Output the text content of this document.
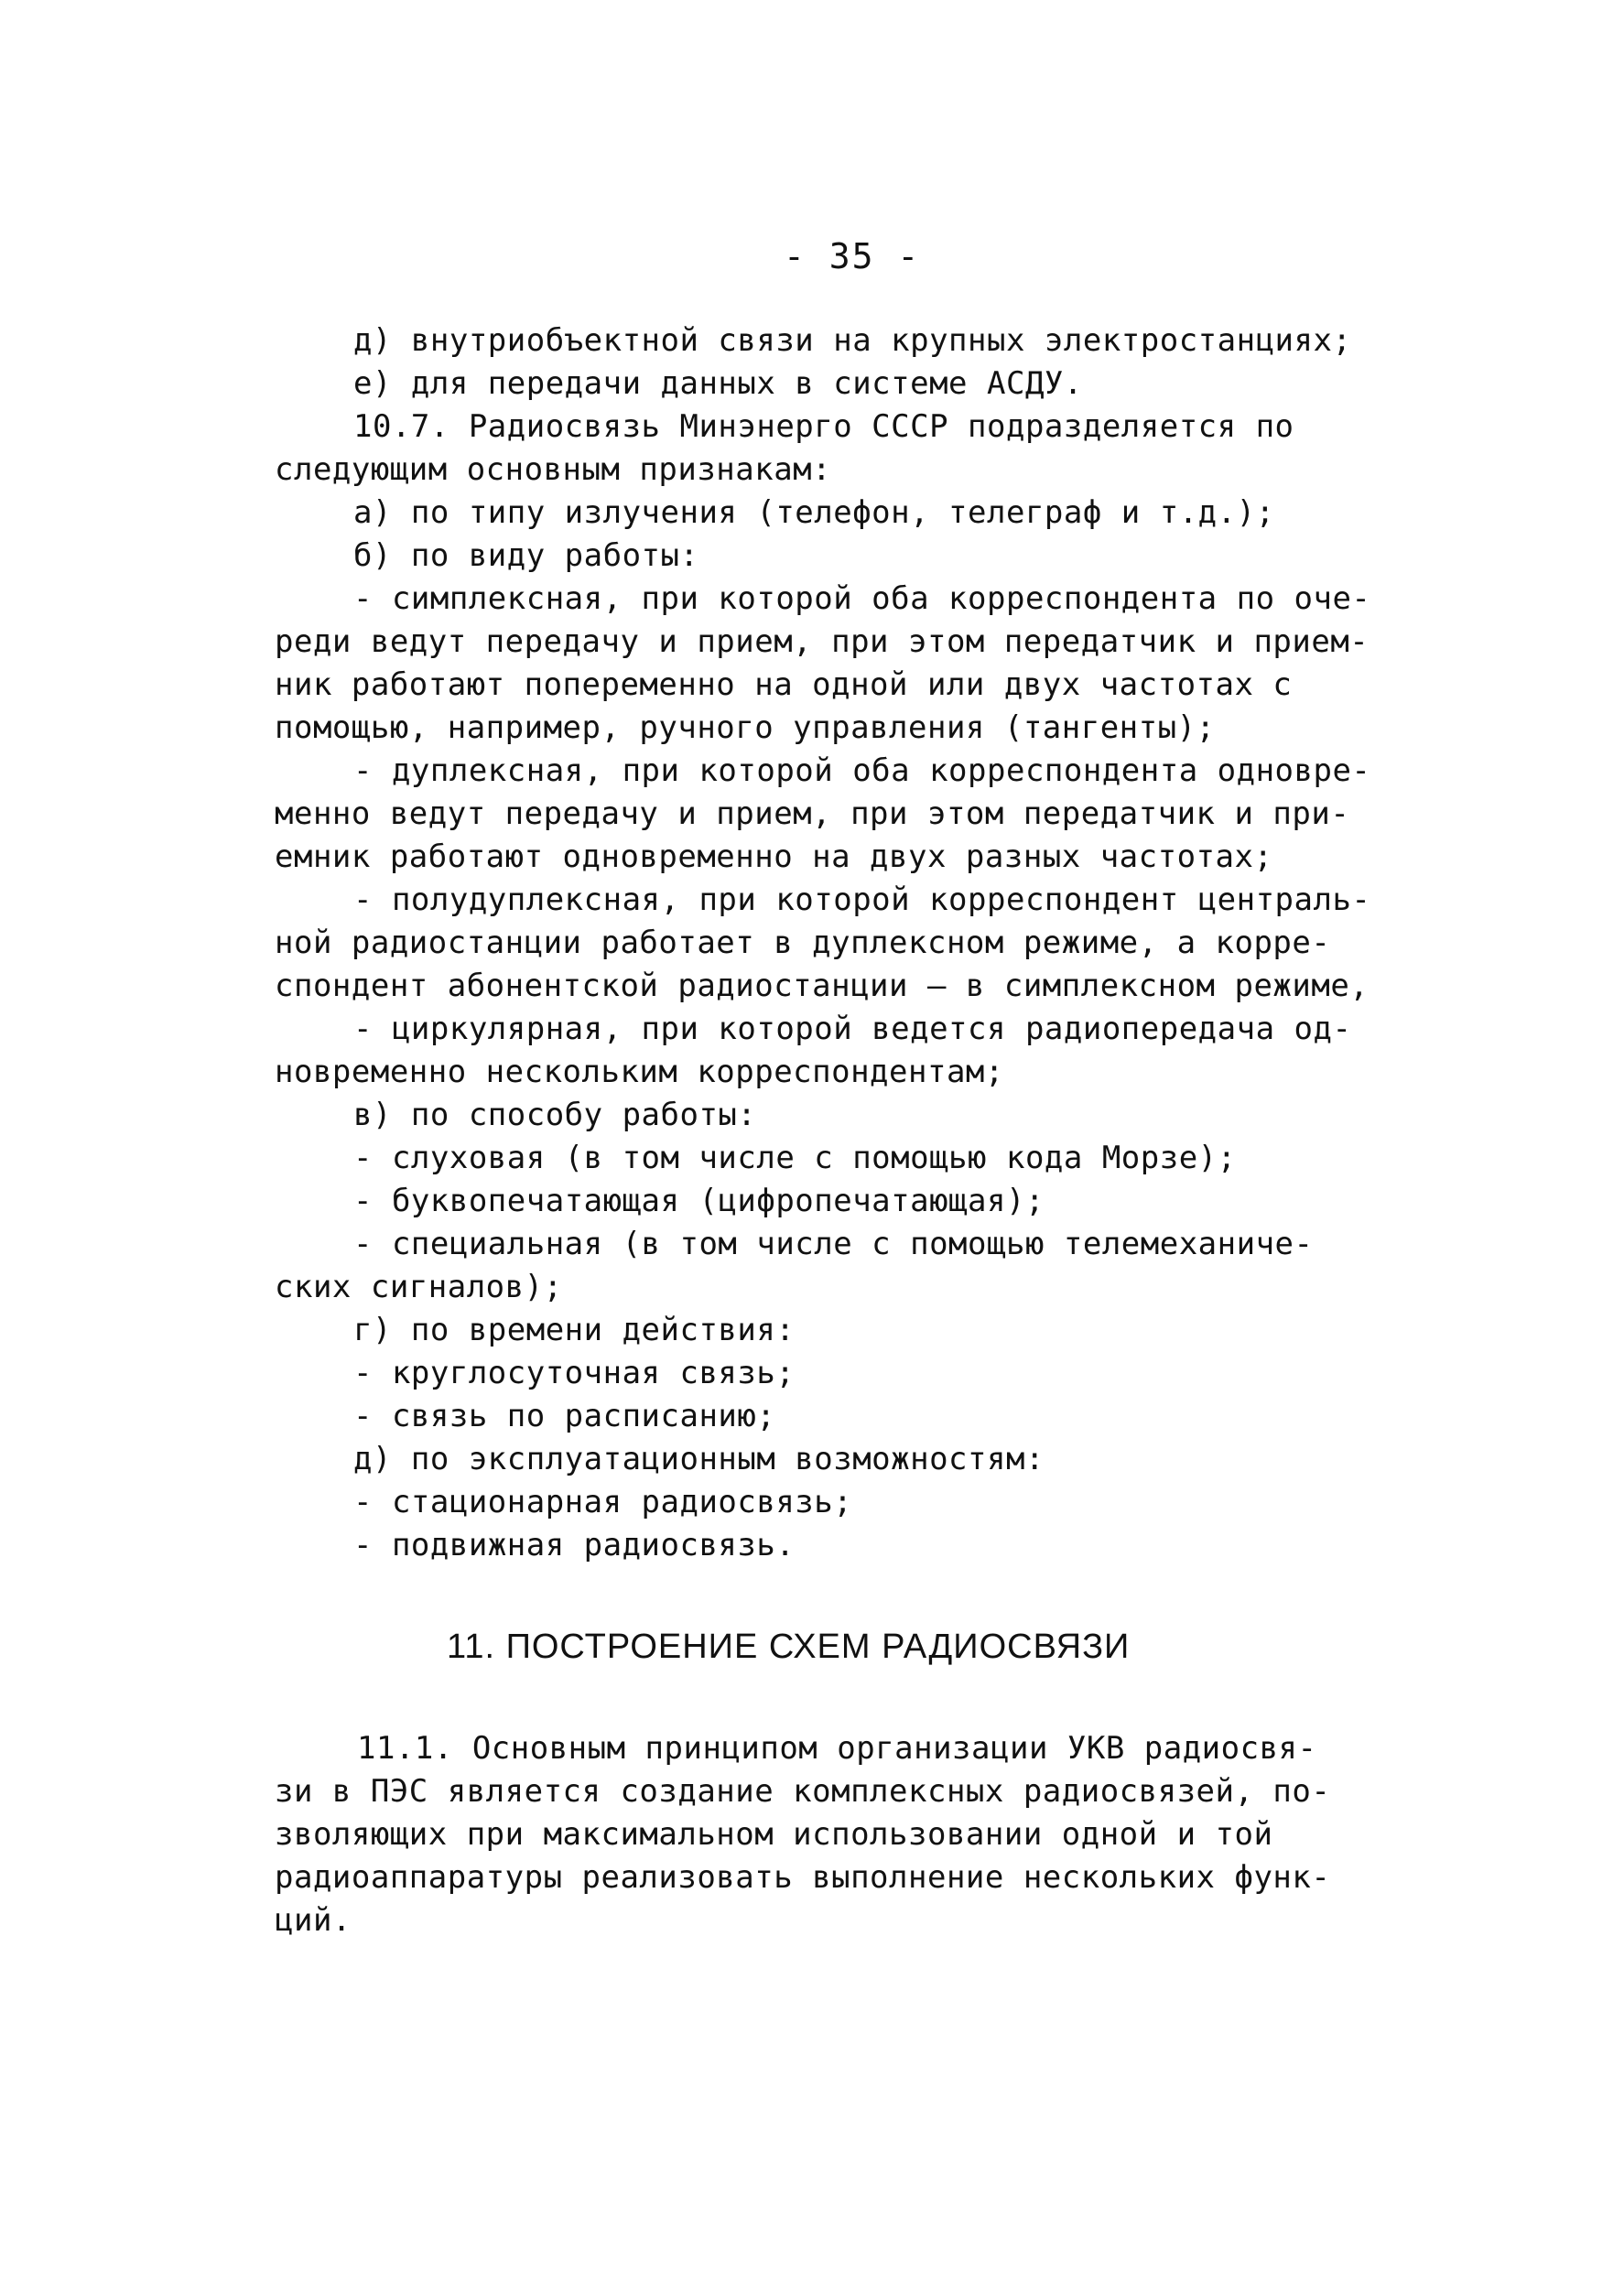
- 35 -
д) внутриобъектной связи на крупных электростанциях;
е) для передачи данных в системе АСДУ.
10.7. Радиосвязь Минэнерго СССР подразделяется по
следующим основным признакам:
а) по типу излучения (телефон, телеграф и т.д.);
б) по виду работы:
- симплексная, при которой оба корреспондента по оче-
реди ведут передачу и прием, при этом передатчик и прием-
ник работают попеременно на одной или двух частотах с
помощью, например, ручного управления (тангенты);
- дуплексная, при которой оба корреспондента одновре-
менно ведут передачу и прием, при этом передатчик и при-
емник работают одновременно на двух разных частотах;
- полудуплексная, при которой корреспондент централь-
ной радиостанции работает в дуплексном режиме, а корре-
спондент абонентской радиостанции — в симплексном режиме,
- циркулярная, при которой ведется радиопередача од-
новременно нескольким корреспондентам;
в) по способу работы:
- слуховая (в том числе с помощью кода Морзе);
- буквопечатающая (цифропечатающая);
- специальная (в том числе с помощью телемеханиче-
ских сигналов);
г) по времени действия:
- круглосуточная связь;
- связь по расписанию;
д) по эксплуатационным возможностям:
- стационарная радиосвязь;
- подвижная радиосвязь.
11. ПОСТРОЕНИЕ СХЕМ РАДИОСВЯЗИ
11.1. Основным принципом организации УКВ радиосвя-
зи в ПЭС является создание комплексных радиосвязей, по-
зволяющих при максимальном использовании одной и той
радиоаппаратуры реализовать выполнение нескольких функ-
ций.
